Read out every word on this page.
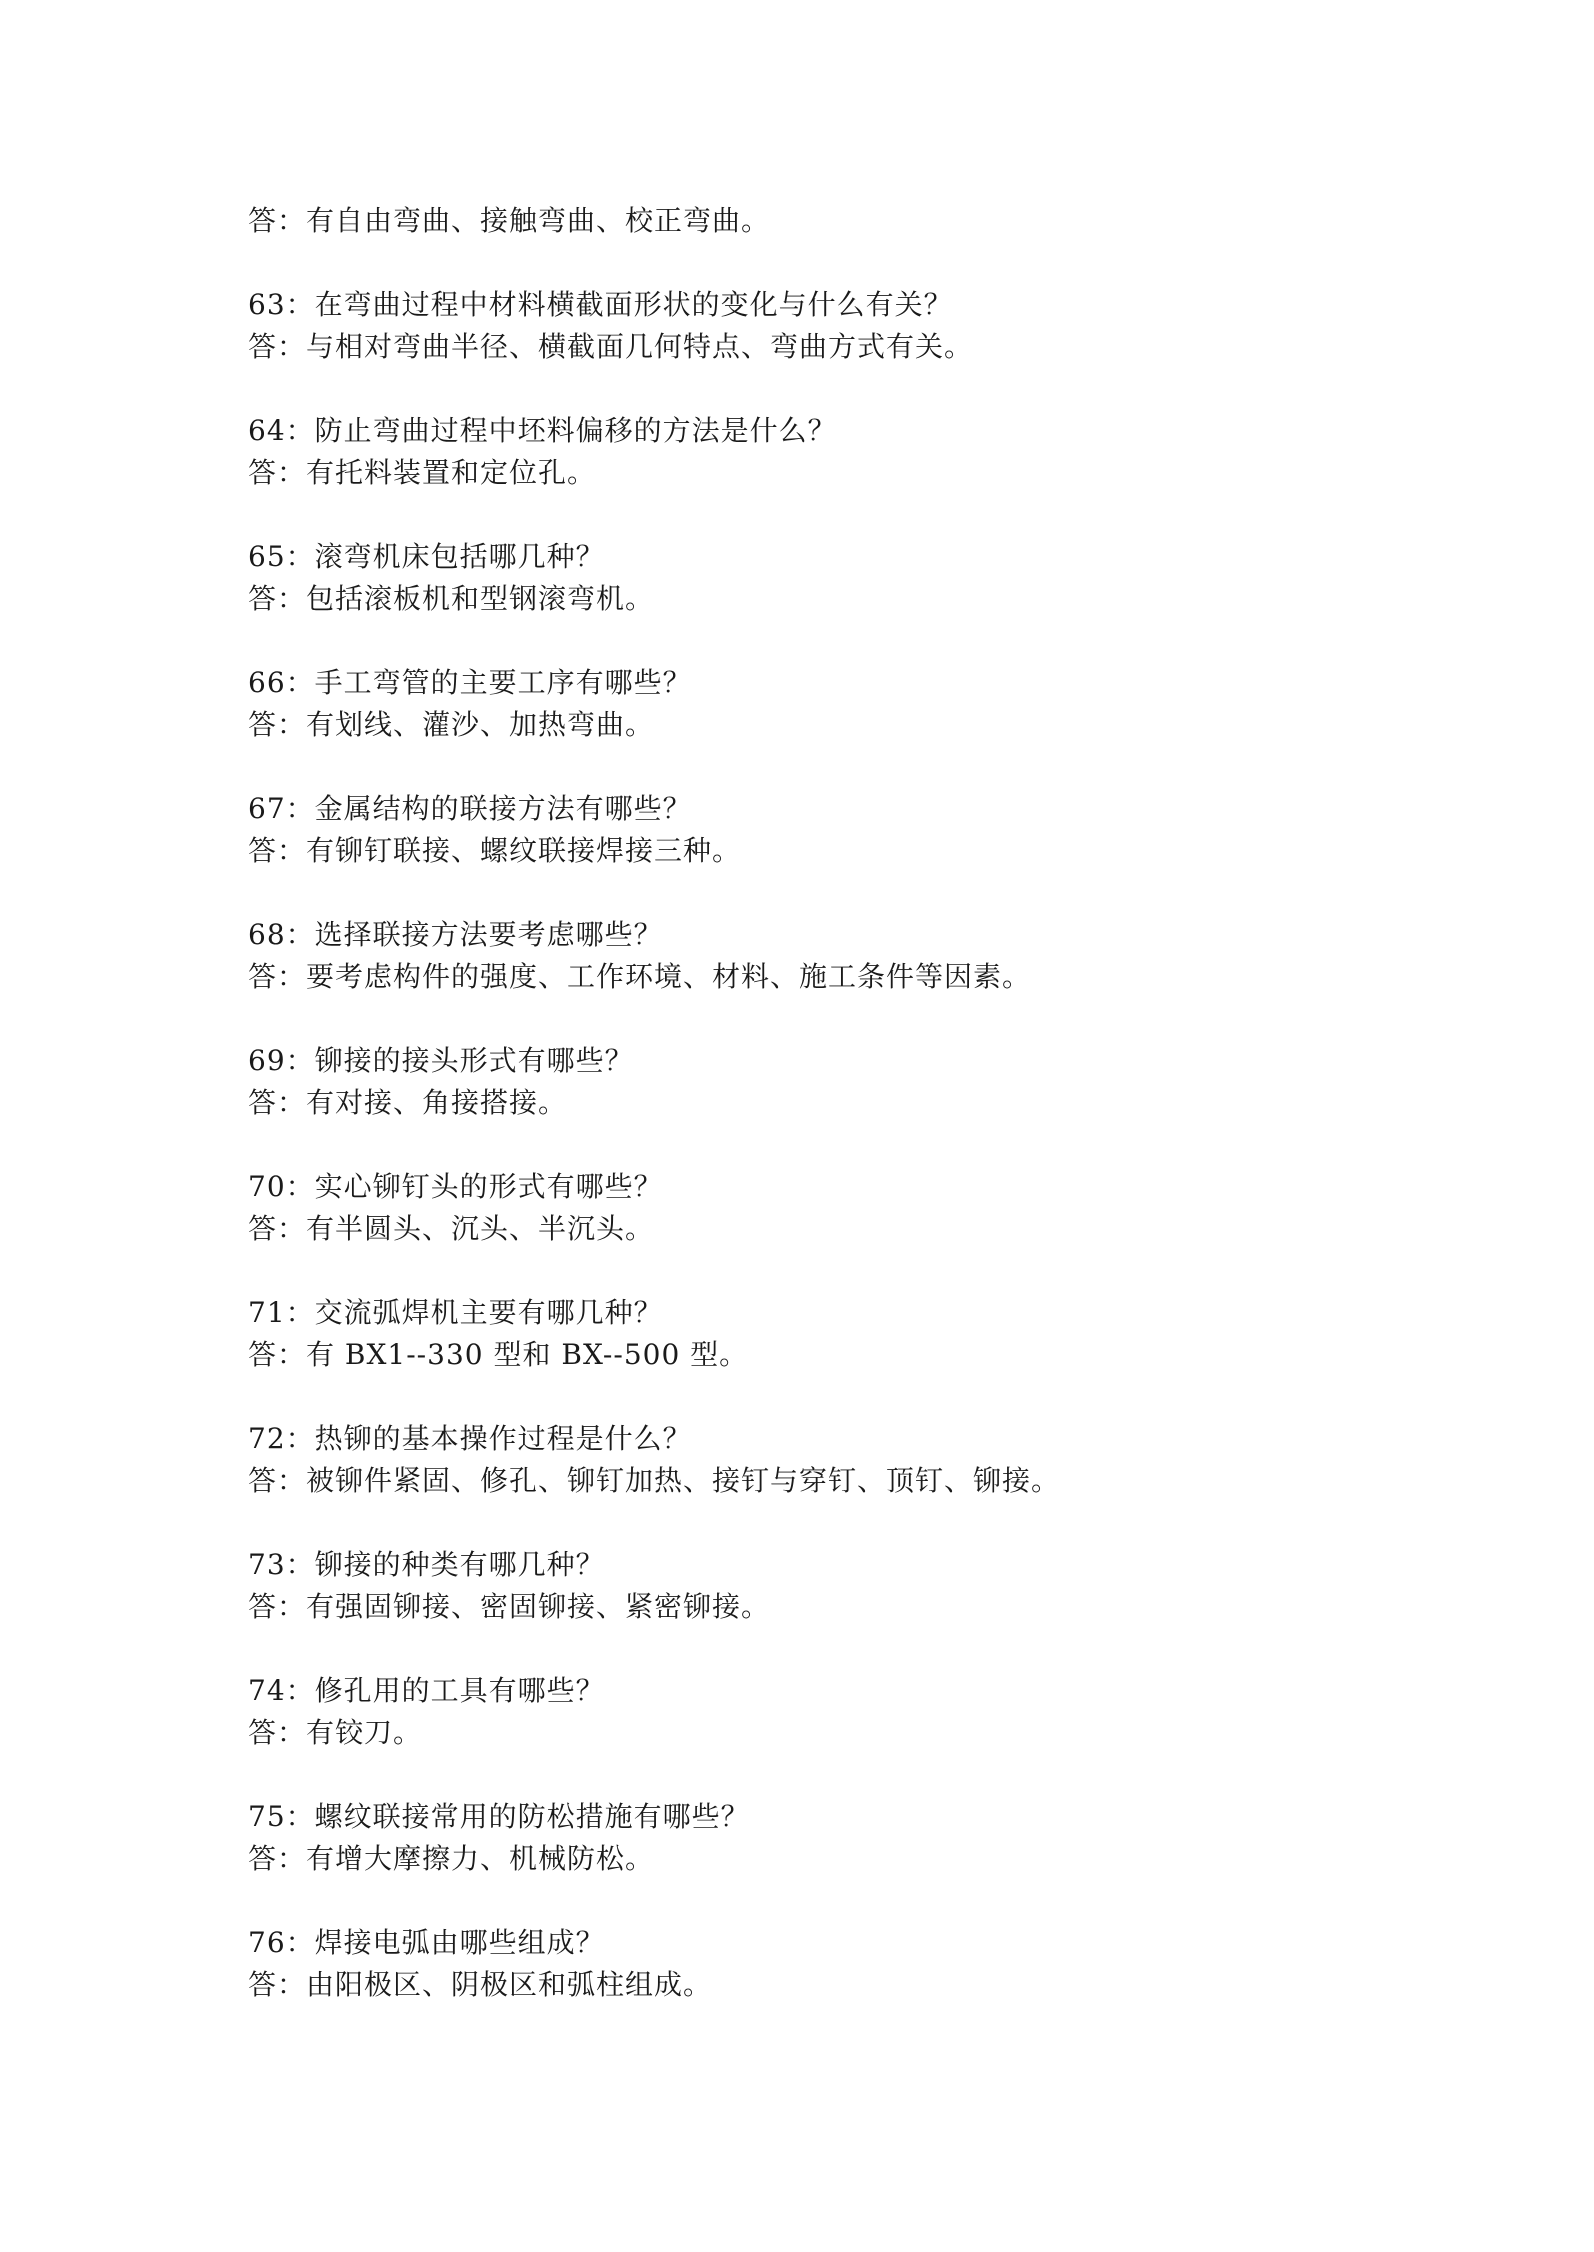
答：有自由弯曲、接触弯曲、校正弯曲。
63：在弯曲过程中材料横截面形状的变化与什么有关？
答：与相对弯曲半径、横截面几何特点、弯曲方式有关。
64：防止弯曲过程中坯料偏移的方法是什么？
答：有托料装置和定位孔。
65：滚弯机床包括哪几种？
答：包括滚板机和型钢滚弯机。
66：手工弯管的主要工序有哪些？
答：有划线、灌沙、加热弯曲。
67：金属结构的联接方法有哪些？
答：有铆钉联接、螺纹联接焊接三种。
68：选择联接方法要考虑哪些？
答：要考虑构件的强度、工作环境、材料、施工条件等因素。
69：铆接的接头形式有哪些？
答：有对接、角接搭接。
70：实心铆钉头的形式有哪些？
答：有半圆头、沉头、半沉头。
71：交流弧焊机主要有哪几种？
答：有 BX1--330 型和 BX--500 型。
72：热铆的基本操作过程是什么？
答：被铆件紧固、修孔、铆钉加热、接钉与穿钉、顶钉、铆接。
73：铆接的种类有哪几种？
答：有强固铆接、密固铆接、紧密铆接。
74：修孔用的工具有哪些？
答：有铰刀。
75：螺纹联接常用的防松措施有哪些？
答：有增大摩擦力、机械防松。
76：焊接电弧由哪些组成？
答：由阳极区、阴极区和弧柱组成。
